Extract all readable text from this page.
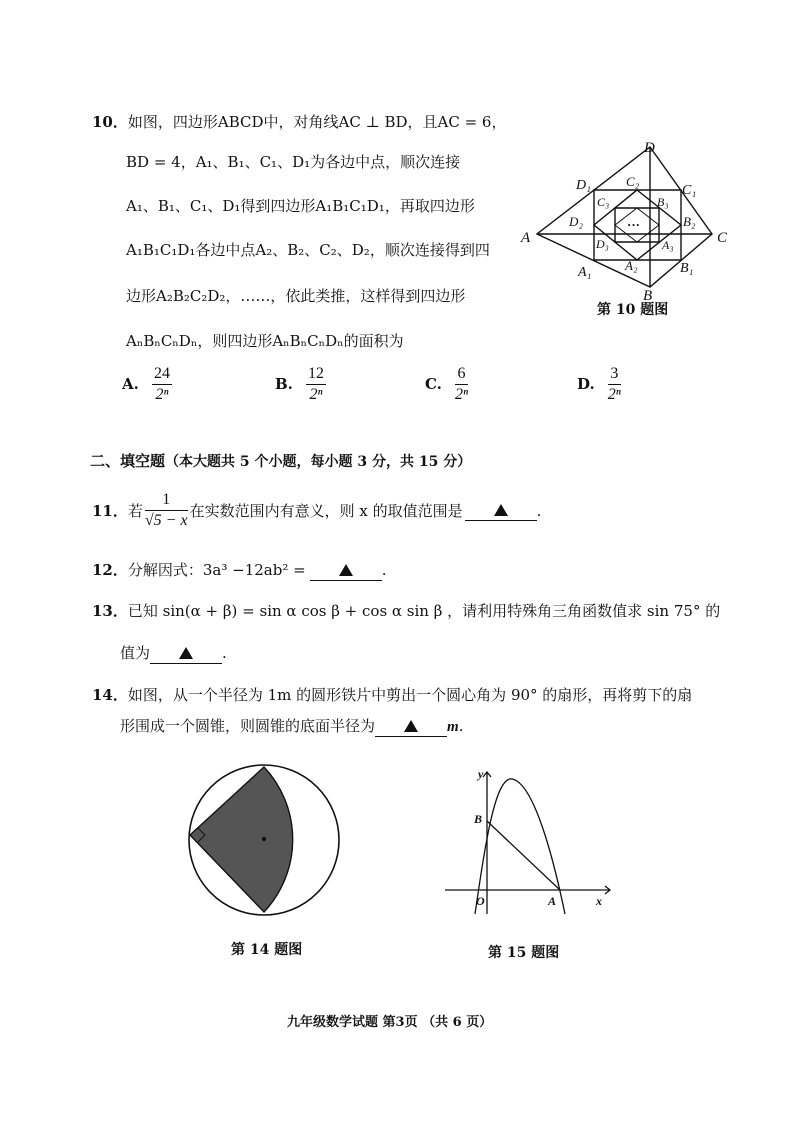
10．如图，四边形ABCD中，对角线AC ⊥ BD，且AC = 6，
BD = 4，A₁、B₁、C₁、D₁为各边中点，顺次连接
A₁、B₁、C₁、D₁得到四边形A₁B₁C₁D₁，再取四边形
A₁B₁C₁D₁各边中点A₂、B₂、C₂、D₂，顺次连接得到四
边形A₂B₂C₂D₂，……，依此类推，这样得到四边形
AₙBₙCₙDₙ，则四边形AₙBₙCₙDₙ的面积为
A. $\frac{24}{\text{2ⁿ}}$	B. $\frac{12}{\text{2ⁿ}}$	C. $\frac{6}{\text{2ⁿ}}$	D. $\frac{3}{\text{2ⁿ}}$
D
A	C
B
D₁	C₁
A₁	B₁
C₂
D₂	B₂
A₂
C₃	B₃
D₃	A₃
···
第 10 题图
二、填空题（本大题共 5 个小题，每小题 3 分，共 15 分）
11． 若 $\frac{1}{√5 - x}$ 在实数范围内有意义，则 x 的取值范围是	.
12．分解因式：3a³ −12ab² =	.
13．已知 sin(α + β) = sin α cos β + cos α sin β ，请利用特殊角三角函数值求 sin 75° 的
值为	.
14．如图，从一个半径为 1m 的圆形铁片中剪出一个圆心角为 90° 的扇形，再将剪下的扇
形围成一个圆锥，则圆锥的底面半径为	m.
第 14 题图
y
x
O	A
B
第 15 题图
九年级数学试题 第3页 （共 6 页）
